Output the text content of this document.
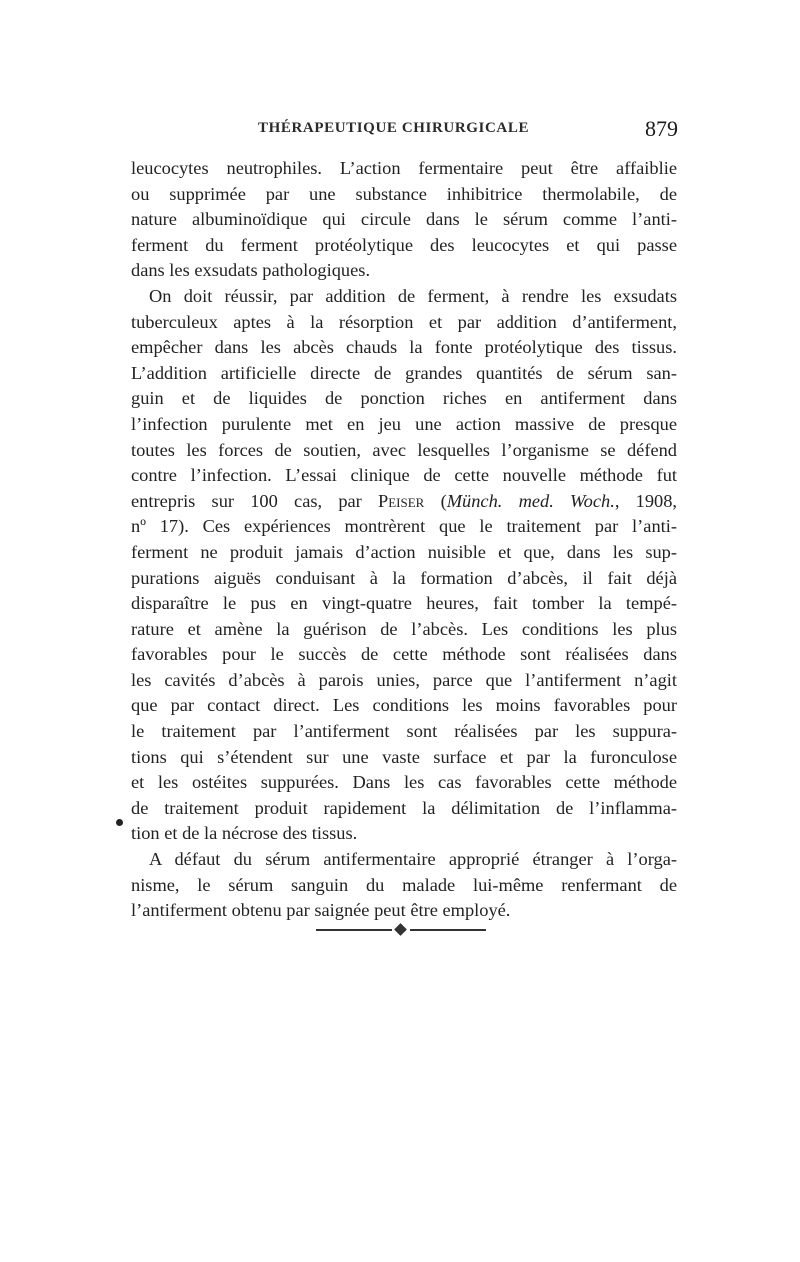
THÉRAPEUTIQUE CHIRURGICALE	879
leucocytes neutrophiles. L’action fermentaire peut être affaiblie
ou supprimée par une substance inhibitrice thermolabile, de
nature albuminoïdique qui circule dans le sérum comme l’anti-
ferment du ferment protéolytique des leucocytes et qui passe
dans les exsudats pathologiques.
On doit réussir, par addition de ferment, à rendre les exsudats
tuberculeux aptes à la résorption et par addition d’antiferment,
empêcher dans les abcès chauds la fonte protéolytique des tissus.
L’addition artificielle directe de grandes quantités de sérum san-
guin et de liquides de ponction riches en antiferment dans
l’infection purulente met en jeu une action massive de presque
toutes les forces de soutien, avec lesquelles l’organisme se défend
contre l’infection. L’essai clinique de cette nouvelle méthode fut
entrepris sur 100 cas, par Peiser (Münch. med. Woch., 1908,
nº 17). Ces expériences montrèrent que le traitement par l’anti-
ferment ne produit jamais d’action nuisible et que, dans les sup-
purations aiguës conduisant à la formation d’abcès, il fait déjà
disparaître le pus en vingt-quatre heures, fait tomber la tempé-
rature et amène la guérison de l’abcès. Les conditions les plus
favorables pour le succès de cette méthode sont réalisées dans
les cavités d’abcès à parois unies, parce que l’antiferment n’agit
que par contact direct. Les conditions les moins favorables pour
le traitement par l’antiferment sont réalisées par les suppura-
tions qui s’étendent sur une vaste surface et par la furonculose
et les ostéites suppurées. Dans les cas favorables cette méthode
de traitement produit rapidement la délimitation de l’inflamma-
tion et de la nécrose des tissus.
A défaut du sérum antifermentaire approprié étranger à l’orga-
nisme, le sérum sanguin du malade lui-même renfermant de
l’antiferment obtenu par saignée peut être employé.
